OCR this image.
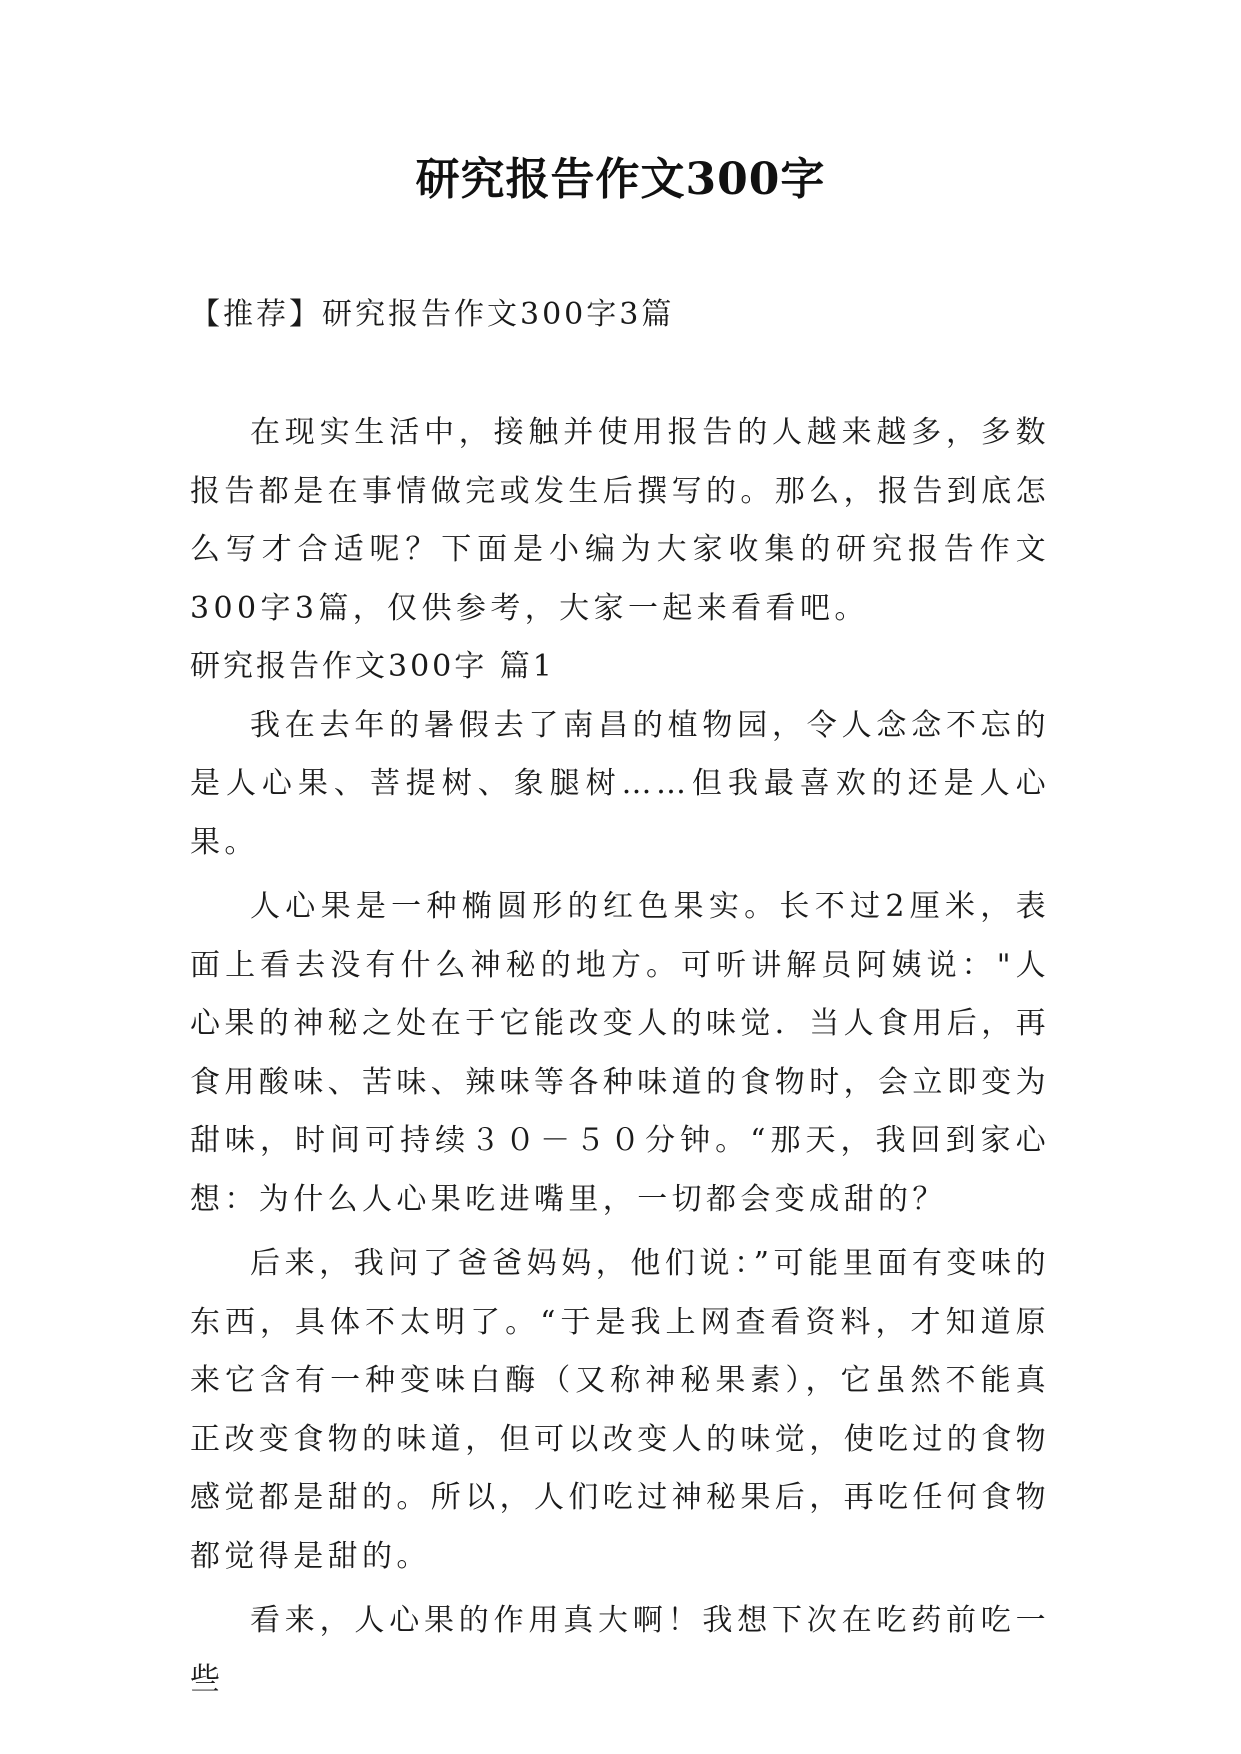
研究报告作文300字
【推荐】研究报告作文300字3篇

在现实生活中，接触并使用报告的人越来越多，多数报告都是在事情做完或发生后撰写的。那么，报告到底怎么写才合适呢？下面是小编为大家收集的研究报告作文300字3篇，仅供参考，大家一起来看看吧。

研究报告作文300字 篇1

我在去年的暑假去了南昌的植物园，令人念念不忘的是人心果、菩提树、象腿树……但我最喜欢的还是人心果。

人心果是一种椭圆形的红色果实。长不过2厘米，表面上看去没有什么神秘的地方。可听讲解员阿姨说："人心果的神秘之处在于它能改变人的味觉．当人食用后，再食用酸味、苦味、辣味等各种味道的食物时，会立即变为甜味，时间可持续３０－５０分钟。“那天，我回到家心想：为什么人心果吃进嘴里，一切都会变成甜的？

后来，我问了爸爸妈妈，他们说：”可能里面有变味的东西，具体不太明了。“于是我上网查看资料，才知道原来它含有一种变味白酶（又称神秘果素），它虽然不能真正改变食物的味道，但可以改变人的味觉，使吃过的食物感觉都是甜的。所以，人们吃过神秘果后，再吃任何食物都觉得是甜的。

看来，人心果的作用真大啊！我想下次在吃药前吃一些
